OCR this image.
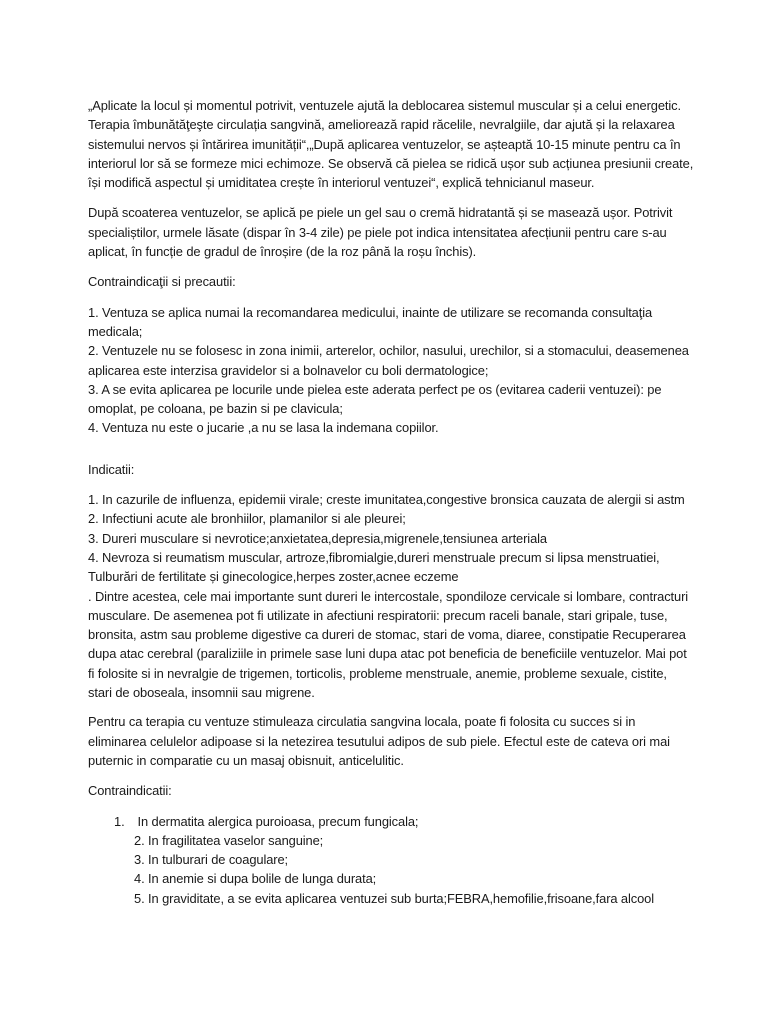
„Aplicate la locul și momentul potrivit, ventuzele ajută la deblocarea sistemul muscular și a celui energetic. Terapia îmbunătăţeşte circulația sangvină, ameliorează rapid răcelile, nevralgiile, dar ajută și la relaxarea sistemului nervos și întărirea imunității“,„După aplicarea ventuzelor, se așteaptă 10-15 minute pentru ca în interiorul lor să se formeze mici echimoze. Se observă că pielea se ridică ușor sub acțiunea presiunii create, își modifică aspectul și umiditatea crește în interiorul ventuzei“, explică tehnicianul maseur.

După scoaterea ventuzelor, se aplică pe piele un gel sau o cremă hidratantă și se masează ușor. Potrivit specialiștilor, urmele lăsate (dispar în 3-4 zile) pe piele pot indica intensitatea afecțiunii pentru care s-au aplicat, în funcție de gradul de înroșire (de la roz până la roșu închis).

Contraindicaţii si precautii:

1. Ventuza se aplica numai la recomandarea medicului, inainte de utilizare se recomanda consultaţia medicala;
2. Ventuzele nu se folosesc in zona inimii, arterelor, ochilor, nasului, urechilor, si a stomacului, deasemenea aplicarea este interzisa gravidelor si a bolnavelor cu boli dermatologice;
3. A se evita aplicarea pe locurile unde pielea este aderata perfect pe os (evitarea caderii ventuzei): pe omoplat, pe coloana, pe bazin si pe clavicula;
4. Ventuza nu este o jucarie ,a nu se lasa la indemana copiilor.

Indicatii:

1. In cazurile de influenza, epidemii virale; creste imunitatea,congestive bronsica cauzata de alergii si astm
2. Infectiuni acute ale bronhiilor, plamanilor si ale pleurei;
3. Dureri musculare si nevrotice;anxietatea,depresia,migrenele,tensiunea arteriala
4. Nevroza si reumatism muscular, artroze,fibromialgie,dureri menstruale precum si lipsa menstruatiei, Tulburări de fertilitate și ginecologice,herpes zoster,acnee eczeme
. Dintre acestea, cele mai importante sunt dureri le intercostale, spondiloze cervicale si lombare, contracturi musculare. De asemenea pot fi utilizate in afectiuni respiratorii: precum raceli banale, stari gripale, tuse, bronsita, astm sau probleme digestive ca dureri de stomac, stari de voma, diaree, constipatie Recuperarea dupa atac cerebral (paraliziile in primele sase luni dupa atac pot beneficia de beneficiile ventuzelor. Mai pot fi folosite si in nevralgie de trigemen, torticolis, probleme menstruale, anemie, probleme sexuale, cistite, stari de oboseala, insomnii sau migrene.

Pentru ca terapia cu ventuze stimuleaza circulatia sangvina locala, poate fi folosita cu succes si in eliminarea celulelor adipoase si la netezirea tesutului adipos de sub piele. Efectul este de cateva ori mai puternic in comparatie cu un masaj obisnuit, anticelulitic.

Contraindicatii:

1. In dermatita alergica puroioasa, precum fungicala;
2. In fragilitatea vaselor sanguine;
3. In tulburari de coagulare;
4. In anemie si dupa bolile de lunga durata;
5. In graviditate, a se evita aplicarea ventuzei sub burta;FEBRA,hemofilie,frisoane,fara alcool
